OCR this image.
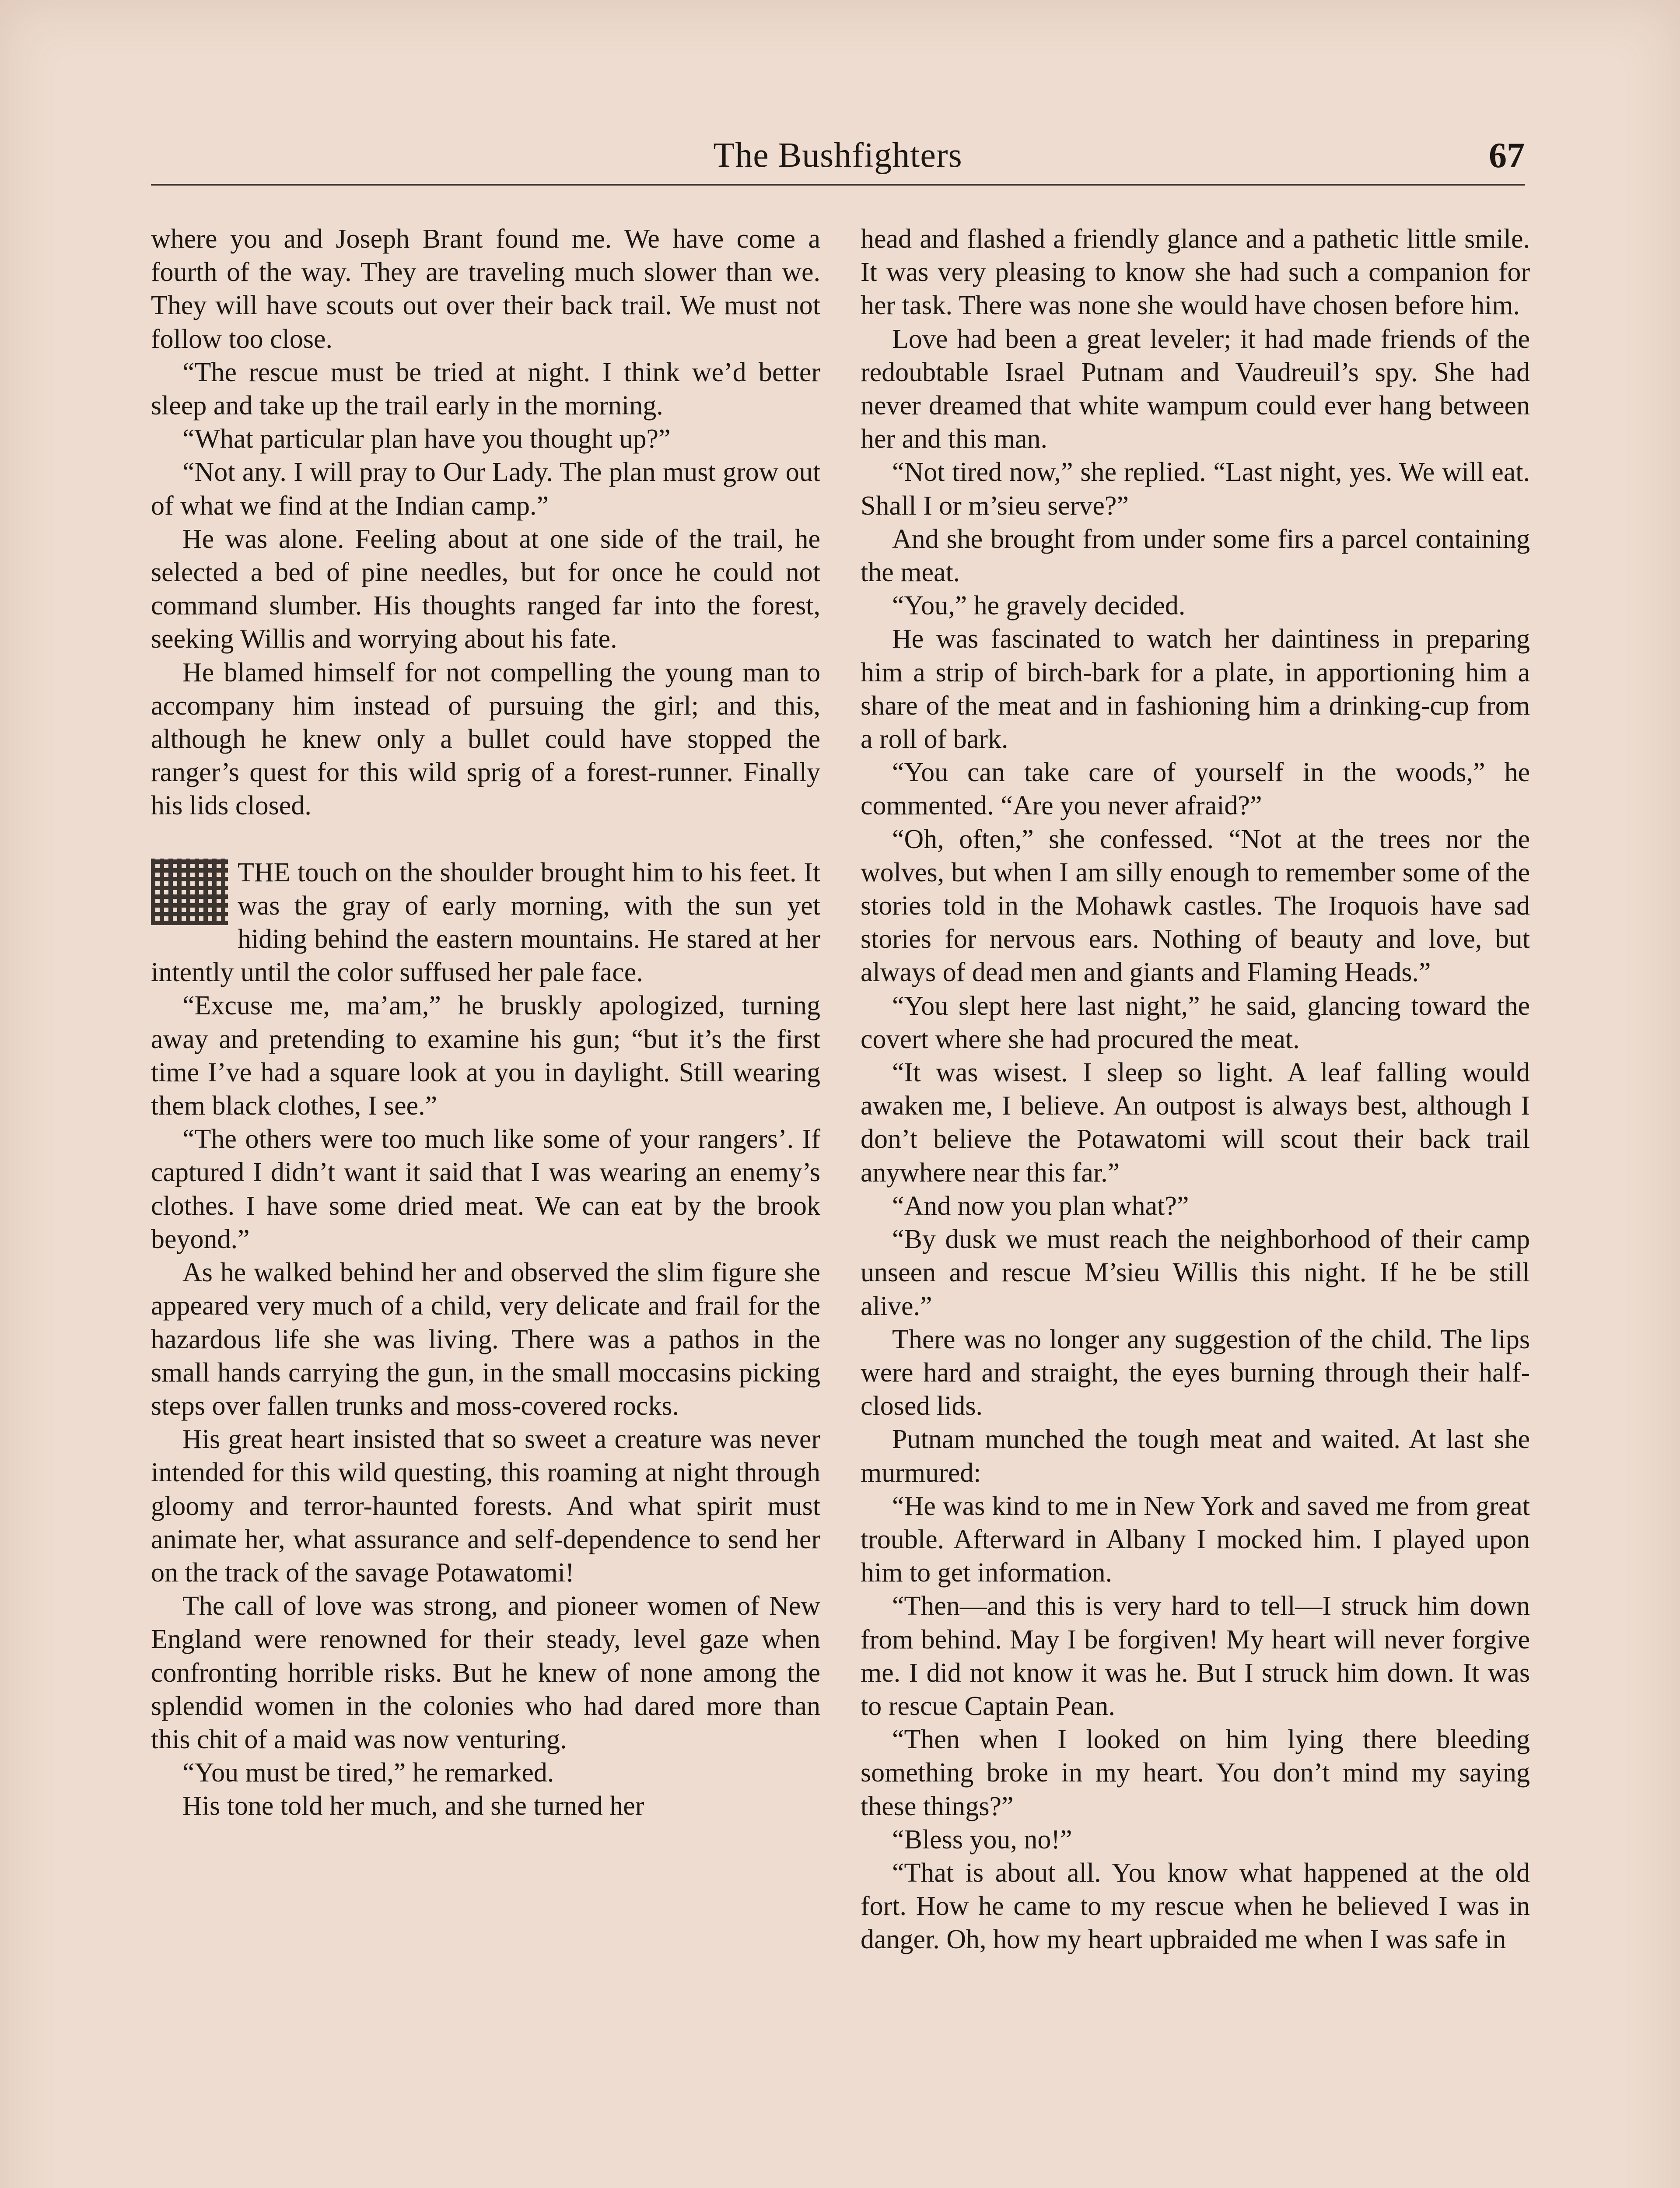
The Bushfighters	67

where you and Joseph Brant found me. We have come a fourth of the way. They are traveling much slower than we. They will have scouts out over their back trail. We must not follow too close.

“The rescue must be tried at night. I think we’d better sleep and take up the trail early in the morning.

“What particular plan have you thought up?”

“Not any. I will pray to Our Lady. The plan must grow out of what we find at the Indian camp.”

He was alone. Feeling about at one side of the trail, he selected a bed of pine needles, but for once he could not command slumber. His thoughts ranged far into the forest, seeking Willis and worrying about his fate.

He blamed himself for not compelling the young man to accompany him instead of pursuing the girl; and this, although he knew only a bullet could have stopped the ranger’s quest for this wild sprig of a forest-runner. Finally his lids closed.

THE touch on the shoulder brought him to his feet. It was the gray of early morning, with the sun yet hiding behind the eastern mountains. He stared at her intently until the color suffused her pale face.

“Excuse me, ma’am,” he bruskly apologized, turning away and pretending to examine his gun; “but it’s the first time I’ve had a square look at you in daylight. Still wearing them black clothes, I see.”

“The others were too much like some of your rangers’. If captured I didn’t want it said that I was wearing an enemy’s clothes. I have some dried meat. We can eat by the brook beyond.”

As he walked behind her and observed the slim figure she appeared very much of a child, very delicate and frail for the hazardous life she was living. There was a pathos in the small hands carrying the gun, in the small moccasins picking steps over fallen trunks and moss-covered rocks.

His great heart insisted that so sweet a creature was never intended for this wild questing, this roaming at night through gloomy and terror-haunted forests. And what spirit must animate her, what assurance and self-dependence to send her on the track of the savage Potawatomi!

The call of love was strong, and pioneer women of New England were renowned for their steady, level gaze when confronting horrible risks. But he knew of none among the splendid women in the colonies who had dared more than this chit of a maid was now venturing.

“You must be tired,” he remarked.

His tone told her much, and she turned her

head and flashed a friendly glance and a pathetic little smile. It was very pleasing to know she had such a companion for her task. There was none she would have chosen before him.

Love had been a great leveler; it had made friends of the redoubtable Israel Putnam and Vaudreuil’s spy. She had never dreamed that white wampum could ever hang between her and this man.

“Not tired now,” she replied. “Last night, yes. We will eat. Shall I or m’sieu serve?”

And she brought from under some firs a parcel containing the meat.

“You,” he gravely decided.

He was fascinated to watch her daintiness in preparing him a strip of birch-bark for a plate, in apportioning him a share of the meat and in fashioning him a drinking-cup from a roll of bark.

“You can take care of yourself in the woods,” he commented. “Are you never afraid?”

“Oh, often,” she confessed. “Not at the trees nor the wolves, but when I am silly enough to remember some of the stories told in the Mohawk castles. The Iroquois have sad stories for nervous ears. Nothing of beauty and love, but always of dead men and giants and Flaming Heads.”

“You slept here last night,” he said, glancing toward the covert where she had procured the meat.

“It was wisest. I sleep so light. A leaf falling would awaken me, I believe. An outpost is always best, although I don’t believe the Potawatomi will scout their back trail anywhere near this far.”

“And now you plan what?”

“By dusk we must reach the neighborhood of their camp unseen and rescue M’sieu Willis this night. If he be still alive.”

There was no longer any suggestion of the child. The lips were hard and straight, the eyes burning through their half-closed lids.

Putnam munched the tough meat and waited. At last she murmured:

“He was kind to me in New York and saved me from great trouble. Afterward in Albany I mocked him. I played upon him to get information.

“Then—and this is very hard to tell—I struck him down from behind. May I be forgiven! My heart will never forgive me. I did not know it was he. But I struck him down. It was to rescue Captain Pean.

“Then when I looked on him lying there bleeding something broke in my heart. You don’t mind my saying these things?”

“Bless you, no!”

“That is about all. You know what happened at the old fort. How he came to my rescue when he believed I was in danger. Oh, how my heart upbraided me when I was safe in
